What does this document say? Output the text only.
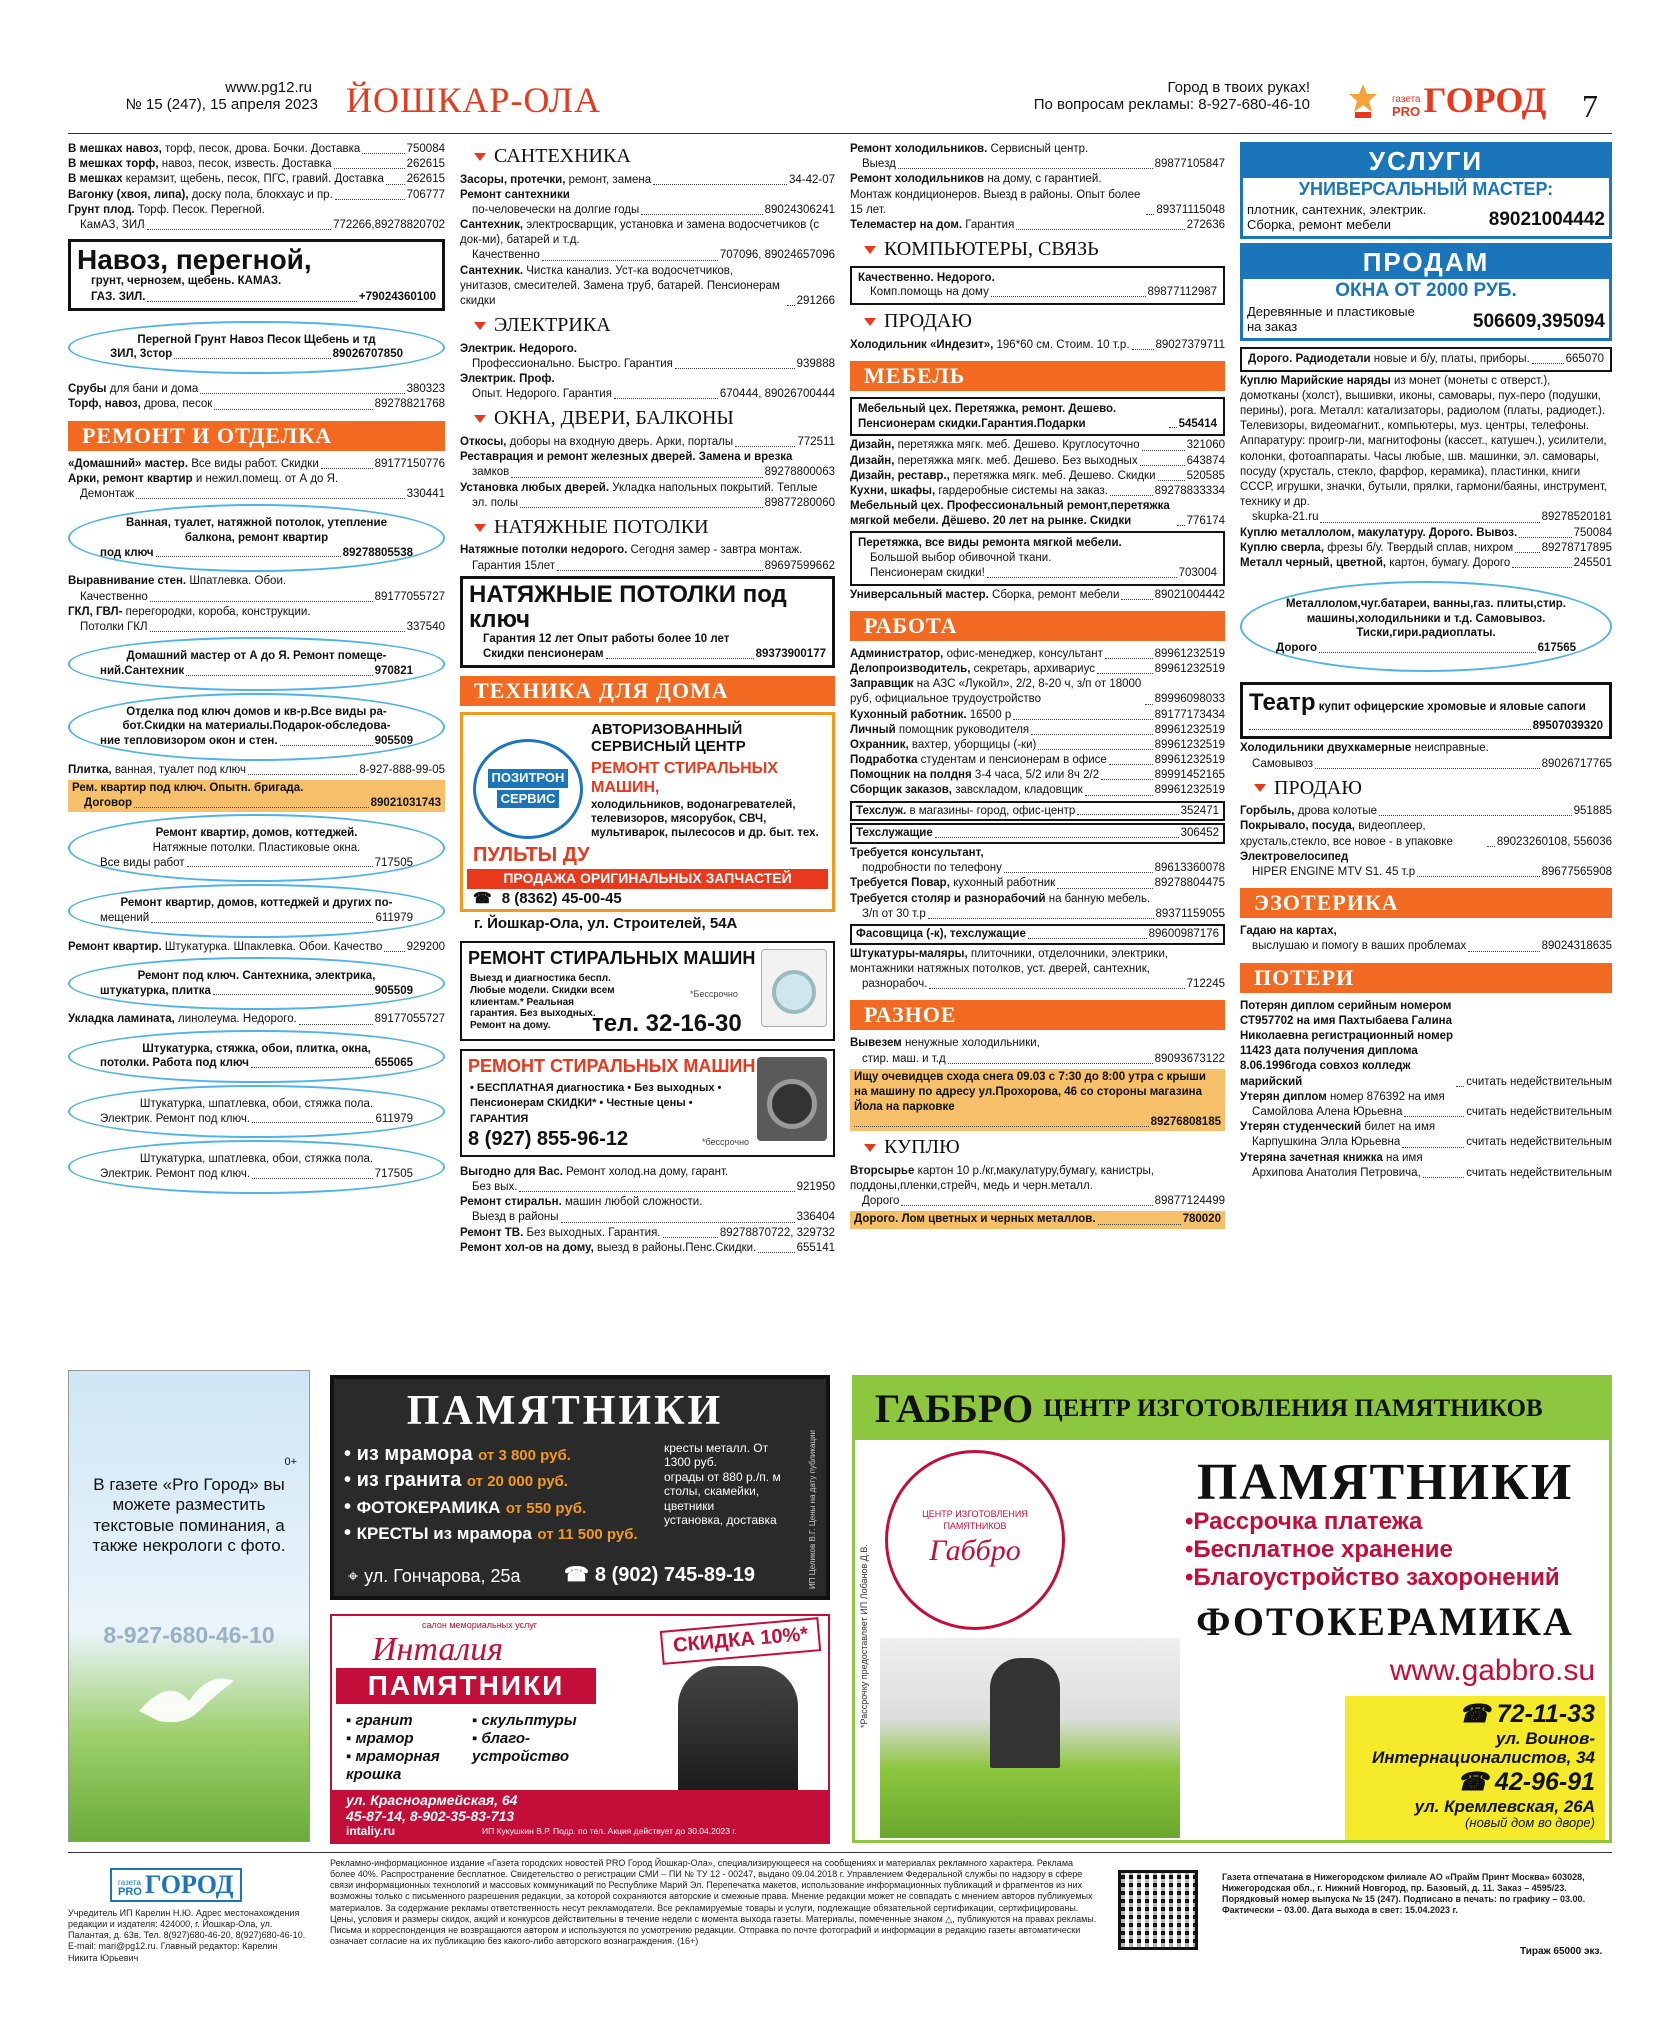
www.pg12.ru
№ 15 (247), 15 апреля 2023 ЙОШКАР-ОЛА	Город в твоих руках!
По вопросам рекламы: 8-927-680-46-10	газета
PRO ГОРОД 7
В мешках навоз, торф, песок, дрова. Бочки. Доставка	750084
В мешках торф, навоз, песок, известь. Доставка	262615
В мешках керамзит, щебень, песок, ПГС, гравий. Доставка 262615
Вагонку (хвоя, липа), доску пола, блокхаус и пр.	706777
Грунт плод. Торф. Песок. Перегной.
КамАЗ, ЗИЛ	772266,89278820702
Навоз, перегной,
грунт, чернозем, щебень. КАМАЗ.
ГАЗ. ЗИЛ.	+79024360100
Перегной Грунт Навоз Песок Щебень и тд
ЗИЛ, 3стор	89026707850
Срубы для бани и дома	380323
Торф, навоз, дрова, песок	89278821768
РЕМОНТ И ОТДЕЛКА
«Домашний» мастер. Все виды работ. Скидки	89177150776
Арки, ремонт квартир и нежил.помещ. от А до Я.
Демонтаж	330441
Ванная, туалет, натяжной потолок, утепление балкона, ремонт квартир
под ключ	89278805538
Выравнивание стен. Шпатлевка. Обои.
Качественно	89177055727
ГКЛ, ГВЛ- перегородки, короба, конструкции.
Потолки ГКЛ	337540
Домашний мастер от А до Я. Ремонт помеще-
ний.Сантехник	970821
Отделка под ключ домов и кв-р.Все виды ра-бот.Скидки на материалы.Подарок-обследова-
ние тепловизором окон и стен.	905509
Плитка, ванная, туалет под ключ	8-927-888-99-05
Рем. квартир под ключ. Опытн. бригада.
Договор	89021031743
Ремонт квартир, домов, коттеджей.
Натяжные потолки. Пластиковые окна.
Все виды работ	717505
Ремонт квартир, домов, коттеджей и других по-
мещений	611979
Ремонт квартир. Штукатурка. Шпаклевка. Обои. Качество 929200
Ремонт под ключ. Сантехника, электрика,
штукатурка, плитка	905509
Укладка ламината, линолеума. Недорого.	89177055727
Штукатурка, стяжка, обои, плитка, окна,
потолки. Работа под ключ	655065
Штукатурка, шпатлевка, обои, стяжка пола.
Электрик. Ремонт под ключ.	611979
Штукатурка, шпатлевка, обои, стяжка пола.
Электрик. Ремонт под ключ.	717505
САНТЕХНИКА
Засоры, протечки, ремонт, замена	34-42-07
Ремонт сантехники
по-человечески на долгие годы	89024306241
Сантехник, электросварщик, установка и замена водосчетчиков (с док-ми), батарей и т.д.
Качественно	707096, 89024657096
Сантехник. Чистка канализ. Уст-ка водосчетчиков, унитазов, смесителей. Замена труб, батарей. Пенсионерам скидки	291266
ЭЛЕКТРИКА
Электрик. Недорого.
Профессионально. Быстро. Гарантия	939888
Электрик. Проф.
Опыт. Недорого. Гарантия	670444, 89026700444
ОКНА, ДВЕРИ, БАЛКОНЫ
Откосы, доборы на входную дверь. Арки, порталы	772511
Реставрация и ремонт железных дверей. Замена и врезка
замков	89278800063
Установка любых дверей. Укладка напольных покрытий. Теплые
эл. полы	89877280060
НАТЯЖНЫЕ ПОТОЛКИ
Натяжные потолки недорого. Сегодня замер - завтра монтаж.
Гарантия 15лет	89697599662
НАТЯЖНЫЕ ПОТОЛКИ под ключ
Гарантия 12 лет Опыт работы более 10 лет
Скидки пенсионерам	89373900177
ТЕХНИКА ДЛЯ ДОМА
ПОЗИТРОН
СЕРВИС
АВТОРИЗОВАННЫЙ
СЕРВИСНЫЙ ЦЕНТР
РЕМОНТ СТИРАЛЬНЫХ МАШИН,
холодильников, водонагревателей, телевизоров, мясорубок, СВЧ, мультиварок, пылесосов и др. быт. тех.
ПУЛЬТЫ ДУ
ПРОДАЖА ОРИГИНАЛЬНЫХ ЗАПЧАСТЕЙ
☎ 8 (8362) 45-00-45
г. Йошкар-Ола, ул. Строителей, 54А
РЕМОНТ СТИРАЛЬНЫХ МАШИН
Выезд и диагностика беспл. Любые модели. Скидки всем клиентам.* Реальная гарантия. Без выходных. Ремонт на дому.
*Бессрочно
тел. 32-16-30
РЕМОНТ СТИРАЛЬНЫХ МАШИН
• БЕСПЛАТНАЯ диагностика • Без выходных • Пенсионерам СКИДКИ* • Честные цены • ГАРАНТИЯ
8 (927) 855-96-12	*бессрочно
Выгодно для Вас. Ремонт холод.на дому, гарант.
Без вых.	921950
Ремонт стиральн. машин любой сложности.
Выезд в районы	336404
Ремонт ТВ. Без выходных. Гарантия.	89278870722, 329732
Ремонт хол-ов на дому, выезд в районы.Пенс.Скидки.	655141
Ремонт холодильников. Сервисный центр.
Выезд	89877105847
Ремонт холодильников на дому, с гарантией. Монтаж кондиционеров. Выезд в районы. Опыт более 15 лет.	89371115048
Телемастер на дом. Гарантия	272636
КОМПЬЮТЕРЫ, СВЯЗЬ
Качественно. Недорого.
Комп.помощь на дому	89877112987
ПРОДАЮ
Холодильник «Индезит», 196*60 см. Стоим. 10 т.р. 89027379711
МЕБЕЛЬ
Мебельный цех. Перетяжка, ремонт. Дешево. Пенсионерам скидки.Гарантия.Подарки	545414
Дизайн, перетяжка мягк. меб. Дешево. Круглосуточно	321060
Дизайн, перетяжка мягк. меб. Дешево. Без выходных	643874
Дизайн, реставр., перетяжка мягк. меб. Дешево. Скидки	520585
Кухни, шкафы, гардеробные системы на заказ.	89278833334
Мебельный цех. Профессиональный ремонт,перетяжка мягкой мебели. Дёшево. 20 лет на рынке. Скидки	776174
Перетяжка, все виды ремонта мягкой мебели.
Большой выбор обивочной ткани.
Пенсионерам скидки!	703004
Универсальный мастер. Сборка, ремонт мебели	89021004442
РАБОТА
Администратор, офис-менеджер, консультант	89961232519
Делопроизводитель, секретарь, архивариус	89961232519
Заправщик на АЗС «Лукойл», 2/2, 8-20 ч, з/п от 18000 руб, официальное трудоустройство	89996098033
Кухонный работник. 16500 р	89177173434
Личный помощник руководителя	89961232519
Охранник, вахтер, уборщицы (-ки)	89961232519
Подработка студентам и пенсионерам в офисе	89961232519
Помощник на полдня 3-4 часа, 5/2 или 8ч 2/2	89991452165
Сборщик заказов, завскладом, кладовщик	89961232519
Техслуж. в магазины- город, офис-центр	352471
Техслужащие	306452
Требуется консультант,
подробности по телефону	89613360078
Требуется Повар, кухонный работник	89278804475
Требуется столяр и разнорабочий на банную мебель.
З/п от 30 т.р	89371159055
Фасовщица (-к), техслужащие	89600987176
Штукатуры-маляры, плиточники, отделочники, электрики, монтажники натяжных потолков, уст. дверей, сантехник,
разнорабоч.	712245
РАЗНОЕ
Вывезем ненужные холодильники,
стир. маш. и т.д	89093673122
Ищу очевидцев схода снега 09.03 с 7:30 до 8:00 утра с крыши на машину по адресу ул.Прохорова, 46 со стороны магазина Йола на парковке
89276808185
КУПЛЮ
Вторсырье картон 10 р./кг,макулатуру,бумагу, канистры, поддоны,пленки,стрейч, медь и черн.металл.
Дорого	89877124499
Дорого. Лом цветных и черных металлов.	780020
УСЛУГИ
УНИВЕРСАЛЬНЫЙ МАСТЕР:
плотник, сантехник, электрик. Сборка, ремонт мебели	89021004442
ПРОДАМ
ОКНА ОТ 2000 РУБ.
Деревянные и пластиковые на заказ	506609,395094
Дорого. Радиодетали новые и б/у, платы, приборы.	665070
Куплю Марийские наряды из монет (монеты с отверст.), домотканы (холст), вышивки, иконы, самовары, пух-перо (подушки, перины), рога. Металл: катализаторы, радиолом (платы, радиодет.). Телевизоры, видеомагнит., компьютеры, муз. центры, телефоны. Аппаратуру: проигр-ли, магнитофоны (кассет., катушеч.), усилители, колонки, фотоаппараты. Часы любые, шв. машинки, эл. самовары, посуду (хрусталь, стекло, фарфор, керамика), пластинки, книги СССР, игрушки, значки, бутыли, прялки, гармони/баяны, инструмент, технику и др.
skupka-21.ru	89278520181
Куплю металлолом, макулатуру. Дорого. Вывоз.	750084
Куплю сверла, фрезы б/у. Твердый сплав, нихром 89278717895
Металл черный, цветной, картон, бумагу. Дорого	245501
Металлолом,чуг.батареи, ванны,газ. плиты,стир. машины,холодильники и т.д. Самовывоз. Тиски,гири.радиоплаты.
Дорого	617565
Театр купит офицерские хромовые и яловые сапоги
89507039320
Холодильники двухкамерные неисправные.
Самовывоз	89026717765
ПРОДАЮ
Горбыль, дрова колотые	951885
Покрывало, посуда, видеоплеер, хрусталь,стекло, все новое - в упаковке	89023260108, 556036
Электровелосипед
HIPER ENGINE MTV S1. 45 т.р	89677565908
ЭЗОТЕРИКА
Гадаю на картах,
выслушаю и помогу в ваших проблемах	89024318635
ПОТЕРИ
Потерян диплом серийным номером СТ957702 на имя Пахтыбаева Галина Николаевна регистрационный номер 11423 дата получения диплома 8.06.1996года совхоз колледж марийский	считать недействительным
Утерян диплом номер 876392 на имя
Самойлова Алена Юрьевна	считать недействительным
Утерян студенческий билет на имя
Карпушкина Элла Юрьевна	считать недействительным
Утеряна зачетная книжка на имя
Архипова Анатолия Петровича,	считать недействительным
0+
В газете «Pro Город» вы можете разместить текстовые поминания, а также некрологи с фото.
8-927-680-46-10
ПАМЯТНИКИ
• из мрамора от 3 800 руб.
• из гранита от 20 000 руб.
• ФОТОКЕРАМИКА от 550 руб.
• КРЕСТЫ из мрамора от 11 500 руб.
кресты металл. От 1300 руб.
ограды от 880 р./п. м
столы, скамейки, цветники
установка, доставка
⌖ ул. Гончарова, 25а ☎ 8 (902) 745-89-19	ИП Целиков В.Г. Цены на дату публикации
салон мемориальных услуг
Инталия
ПАМЯТНИКИ
▪ гранит
▪ мрамор
▪ мраморная крошка
▪ скульптуры
▪ благо-устройство
СКИДКА 10%*
ул. Красноармейская, 64
45-87-14, 8-902-35-83-713
intaliy.ru	ИП Кукушкин В.Р. Подр. по тел. Акция действует до 30.04.2023 г.
ГАББРО ЦЕНТР ИЗГОТОВЛЕНИЯ ПАМЯТНИКОВ
*Рассрочку предоставляет ИП Лобанов Д.В.
ЦЕНТР ИЗГОТОВЛЕНИЯ ПАМЯТНИКОВ
Габбро
ПАМЯТНИКИ
•Рассрочка платежа
•Бесплатное хранение
•Благоустройство захоронений
ФОТОКЕРАМИКА
www.gabbro.su
☎ 72-11-33
ул. Воинов-Интернационалистов, 34
☎ 42-96-91
ул. Кремлевская, 26А
(новый дом во дворе)
газета
PRO ГОРОД
Учредитель ИП Карелин Н.Ю. Адрес местонахождения редакции и издателя: 424000, г. Йошкар-Ола, ул. Палантая, д. 63в. Тел. 8(927)680-46-20, 8(927)680-46-10. E-mail: mari@pg12.ru. Главный редактор: Карелин Никита Юрьевич
Рекламно-информационное издание «Газета городских новостей PRO Город Йошкар-Ола», специализирующееся на сообщениях и материалах рекламного характера. Реклама более 40%. Распространение бесплатное. Свидетельство о регистрации СМИ – ПИ № ТУ 12 - 00247, выдано 09.04.2018 г. Управлением Федеральной службы по надзору в сфере связи информационных технологий и массовых коммуникаций по Республике Марий Эл. Перепечатка макетов, использование информационных публикаций и фрагментов из них возможны только с письменного разрешения редакции, за которой сохраняются авторские и смежные права. Мнение редакции может не совпадать с мнением авторов публикуемых материалов. За содержание рекламы ответственность несут рекламодатели. Все рекламируемые товары и услуги, подлежащие обязательной сертификации, сертифицированы. Цены, условия и размеры скидок, акций и конкурсов действительны в течение недели с момента выхода газеты. Материалы, помеченные знаком △, публикуются на правах рекламы. Письма и корреспонденция не возвращаются автором и используются по усмотрению редакции. Отправка по почте фотографий и информации в редакцию газеты автоматически означает согласие на их публикацию без какого-либо авторского вознаграждения. (16+)
Газета отпечатана в Нижегородском филиале АО «Прайм Принт Москва» 603028, Нижегородская обл., г. Нижний Новгород, пр. Базовый, д. 11. Заказ – 4595/23. Порядковый номер выпуска № 15 (247). Подписано в печать: по графику – 03.00. Фактически – 03.00. Дата выхода в свет: 15.04.2023 г.
Тираж 65000 экз.
